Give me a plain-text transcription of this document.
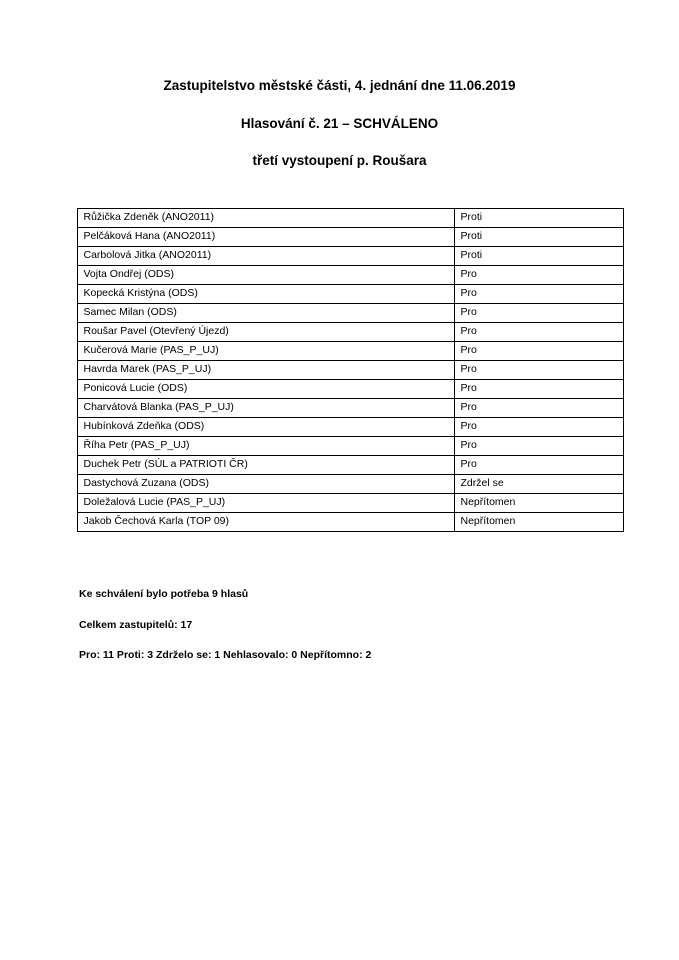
Zastupitelstvo městské části, 4. jednání dne 11.06.2019
Hlasování č. 21 – SCHVÁLENO
třetí vystoupení p. Roušara
Růžička Zdeněk (ANO2011)	Proti
Pelčáková Hana (ANO2011)	Proti
Carbolová Jitka (ANO2011)	Proti
Vojta Ondřej (ODS)	Pro
Kopecká Kristýna (ODS)	Pro
Samec Milan (ODS)	Pro
Roušar Pavel (Otevřený Újezd)	Pro
Kučerová Marie (PAS_P_UJ)	Pro
Havrda Marek (PAS_P_UJ)	Pro
Ponicová Lucie (ODS)	Pro
Charvátová Blanka (PAS_P_UJ)	Pro
Hubínková Zdeňka (ODS)	Pro
Říha Petr (PAS_P_UJ)	Pro
Duchek Petr (SÚL a PATRIOTI ČR)	Pro
Dastychová Zuzana (ODS)	Zdržel se
Doležalová Lucie (PAS_P_UJ)	Nepřítomen
Jakob Čechová Karla (TOP 09)	Nepřítomen

Ke schválení bylo potřeba 9 hlasů

Celkem zastupitelů: 17

Pro: 11 Proti: 3 Zdrželo se: 1 Nehlasovalo: 0 Nepřítomno: 2
